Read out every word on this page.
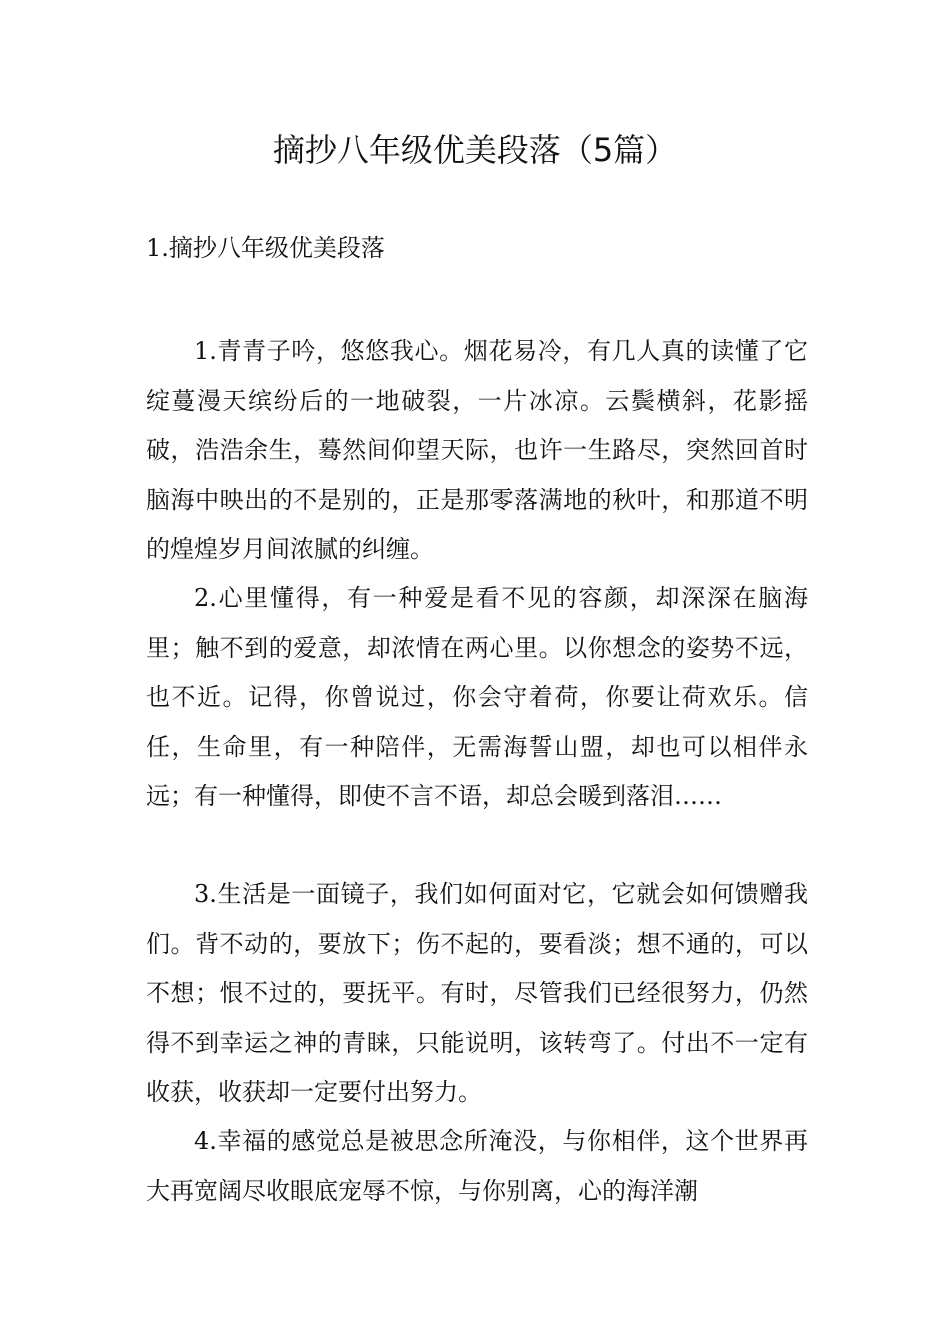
摘抄八年级优美段落（5篇）

1.摘抄八年级优美段落

1.青青子吟，悠悠我心。烟花易冷，有几人真的读懂了它绽蔓漫天缤纷后的一地破裂，一片冰凉。云鬓横斜，花影摇破，浩浩余生，蓦然间仰望天际，也许一生路尽，突然回首时脑海中映出的不是别的，正是那零落满地的秋叶，和那道不明的煌煌岁月间浓腻的纠缠。

2.心里懂得，有一种爱是看不见的容颜，却深深在脑海里；触不到的爱意，却浓情在两心里。以你想念的姿势不远，也不近。记得，你曾说过，你会守着荷，你要让荷欢乐。信任，生命里，有一种陪伴，无需海誓山盟，却也可以相伴永远；有一种懂得，即使不言不语，却总会暖到落泪……

3.生活是一面镜子，我们如何面对它，它就会如何馈赠我们。背不动的，要放下；伤不起的，要看淡；想不通的，可以不想；恨不过的，要抚平。有时，尽管我们已经很努力，仍然得不到幸运之神的青睐，只能说明，该转弯了。付出不一定有收获，收获却一定要付出努力。

4.幸福的感觉总是被思念所淹没，与你相伴，这个世界再大再宽阔尽收眼底宠辱不惊，与你别离，心的海洋潮
